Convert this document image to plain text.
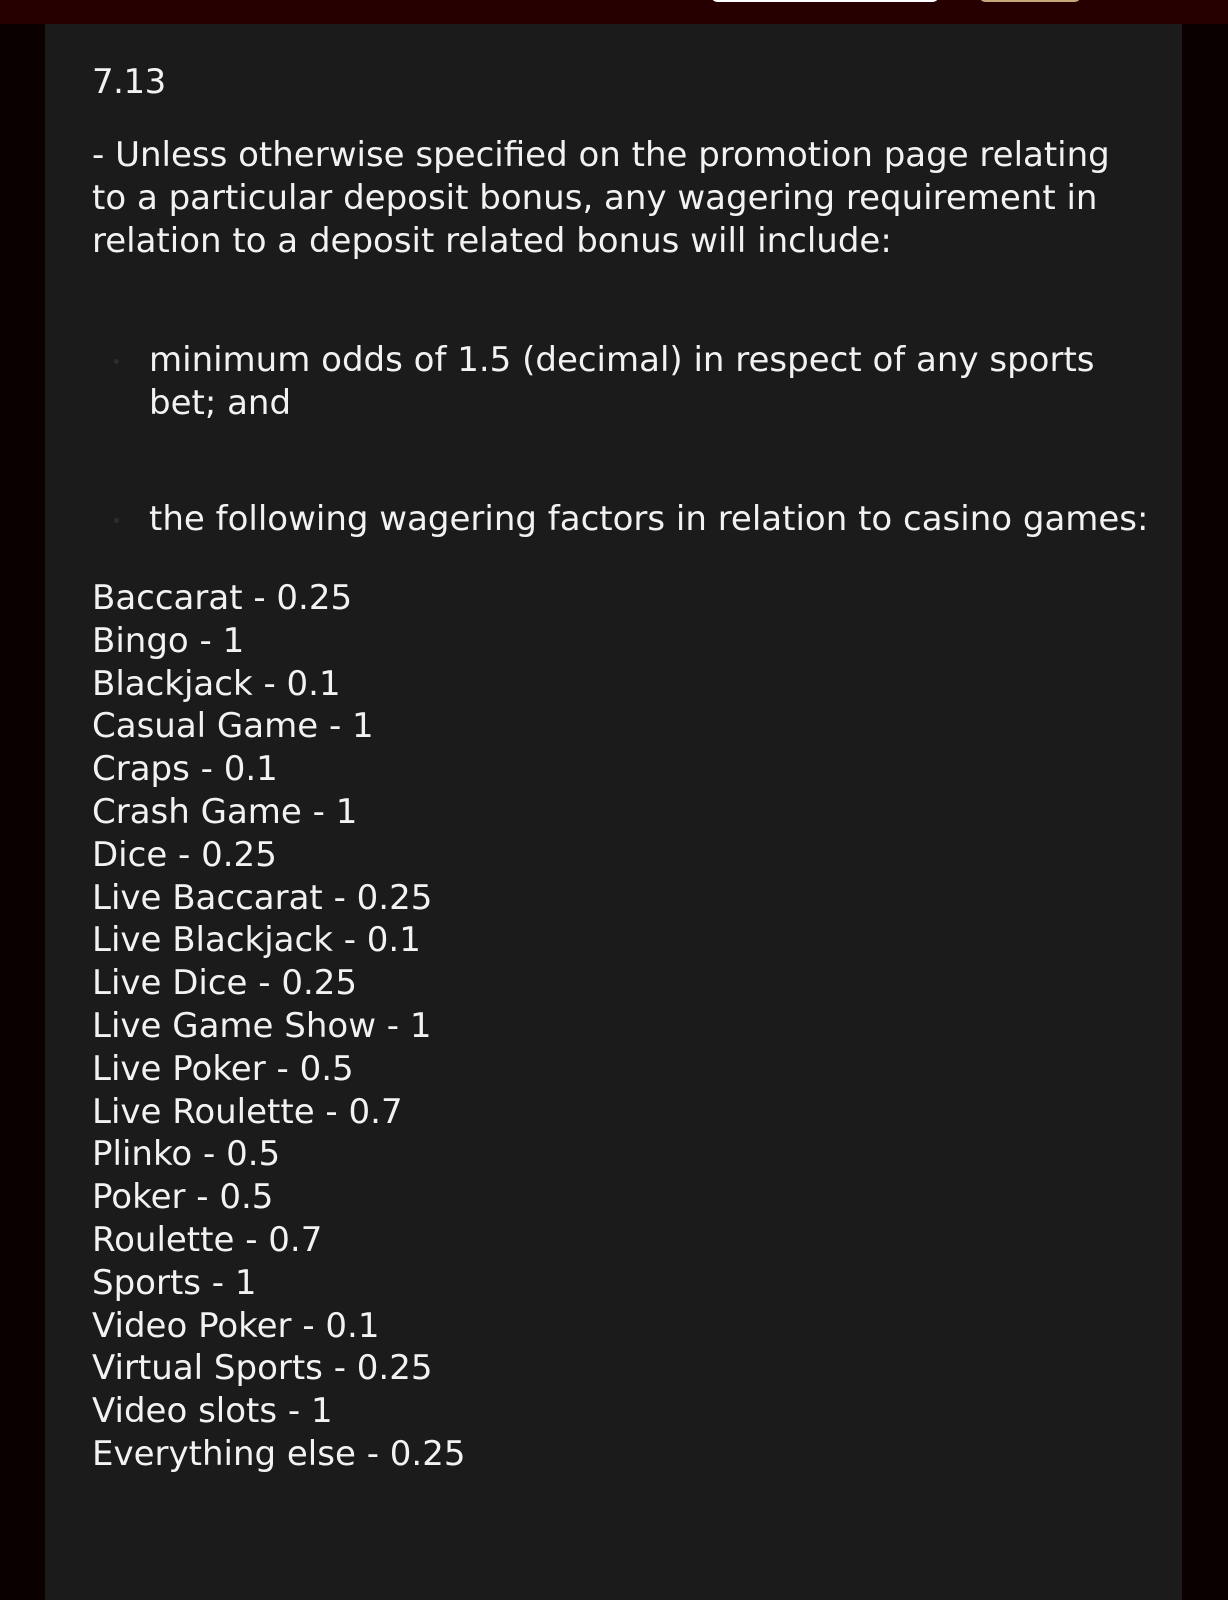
7.13

- Unless otherwise specified on the promotion page relating to a particular deposit bonus, any wagering requirement in relation to a deposit related bonus will include:

minimum odds of 1.5 (decimal) in respect of any sports bet; and
the following wagering factors in relation to casino games:
Baccarat - 0.25
Bingo - 1
Blackjack - 0.1
Casual Game - 1
Craps - 0.1
Crash Game - 1
Dice - 0.25
Live Baccarat - 0.25
Live Blackjack - 0.1
Live Dice - 0.25
Live Game Show - 1
Live Poker - 0.5
Live Roulette - 0.7
Plinko - 0.5
Poker - 0.5
Roulette - 0.7
Sports - 1
Video Poker - 0.1
Virtual Sports - 0.25
Video slots - 1
Everything else - 0.25
